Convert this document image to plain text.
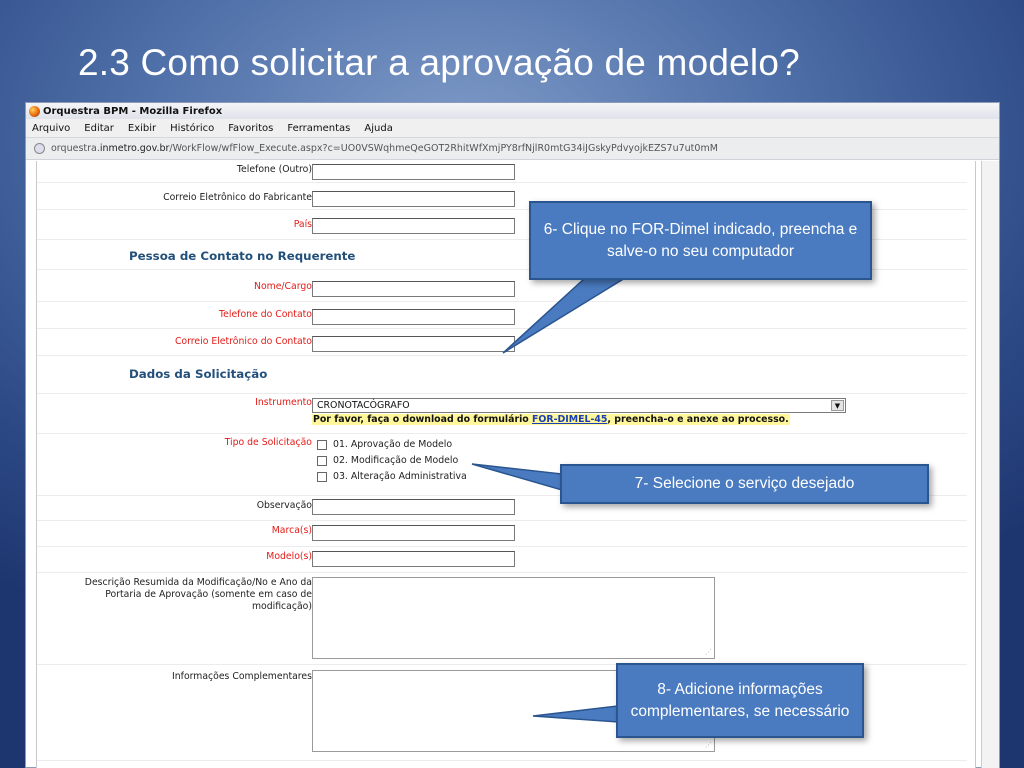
2.3 Como solicitar a aprovação de modelo?
Orquestra BPM - Mozilla Firefox
Arquivo Editar Exibir Histórico Favoritos Ferramentas Ajuda
orquestra.inmetro.gov.br/WorkFlow/wfFlow_Execute.aspx?c=UO0VSWqhmeQeGOT2RhitWfXmjPY8rfNjlR0mtG34iJGskyPdvyojkEZS7u7ut0mM
Telefone (Outro)
Correio Eletrônico do Fabricante
País
Pessoa de Contato no Requerente
Nome/Cargo
Telefone do Contato
Correio Eletrônico do Contato
Dados da Solicitação
Instrumento CRONOTACÓGRAFO	▼
Por favor, faça o download do formulário FOR-DIMEL-45, preencha-o e anexe ao processo.
Tipo de Solicitação 01. Aprovação de Modelo
02. Modificação de Modelo
03. Alteração Administrativa
Observação
Marca(s)
Modelo(s)
Descrição Resumida da Modificação/No e Ano da Portaria de Aprovação (somente em caso de modificação)
⋰
Informações Complementares
⋰
6- Clique no FOR-Dimel indicado, preencha e salve-o no seu computador
7- Selecione o serviço desejado
8- Adicione informações complementares, se necessário
